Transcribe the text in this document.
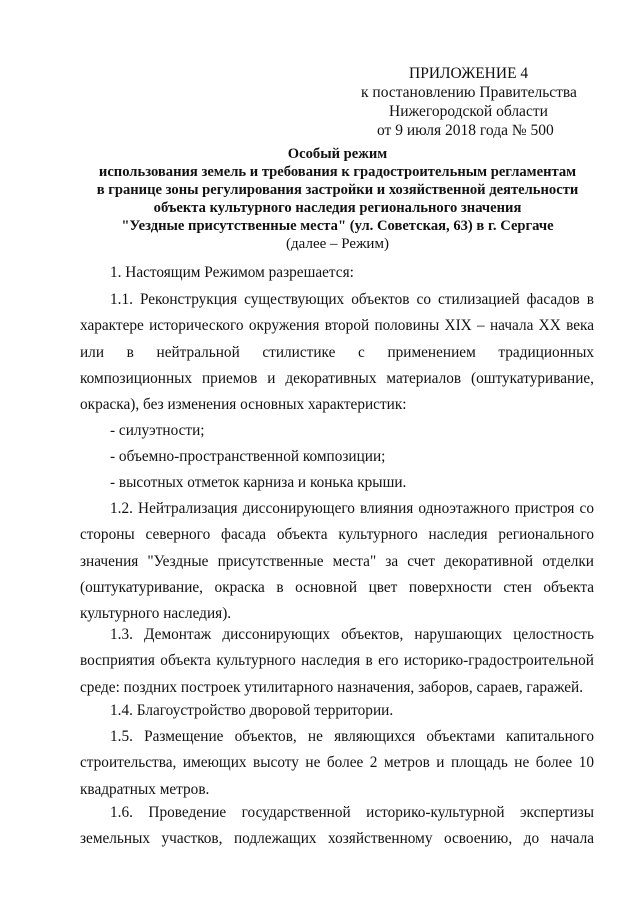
ПРИЛОЖЕНИЕ 4
к постановлению Правительства
Нижегородской области
от 9 июля 2018 года № 500
Особый режим
использования земель и требования к градостроительным регламентам
в границе зоны регулирования застройки и хозяйственной деятельности
объекта культурного наследия регионального значения
"Уездные присутственные места" (ул. Советская, 63) в г. Сергаче
(далее – Режим)
1. Настоящим Режимом разрешается:
1.1. Реконструкция существующих объектов со стилизацией фасадов в характере исторического окружения второй половины XIX – начала XX века или в нейтральной стилистике с применением традиционных композиционных приемов и декоративных материалов (оштукатуривание, окраска), без изменения основных характеристик:
- силуэтности;
- объемно-пространственной композиции;
- высотных отметок карниза и конька крыши.
1.2. Нейтрализация диссонирующего влияния одноэтажного пристроя со стороны северного фасада объекта культурного наследия регионального значения "Уездные присутственные места" за счет декоративной отделки (оштукатуривание, окраска в основной цвет поверхности стен объекта культурного наследия).
1.3. Демонтаж диссонирующих объектов, нарушающих целостность восприятия объекта культурного наследия в его историко-градостроительной среде: поздних построек утилитарного назначения, заборов, сараев, гаражей.
1.4. Благоустройство дворовой территории.
1.5. Размещение объектов, не являющихся объектами капитального строительства, имеющих высоту не более 2 метров и площадь не более 10 квадратных метров.
1.6. Проведение государственной историко-культурной экспертизы земельных участков, подлежащих хозяйственному освоению, до начала
